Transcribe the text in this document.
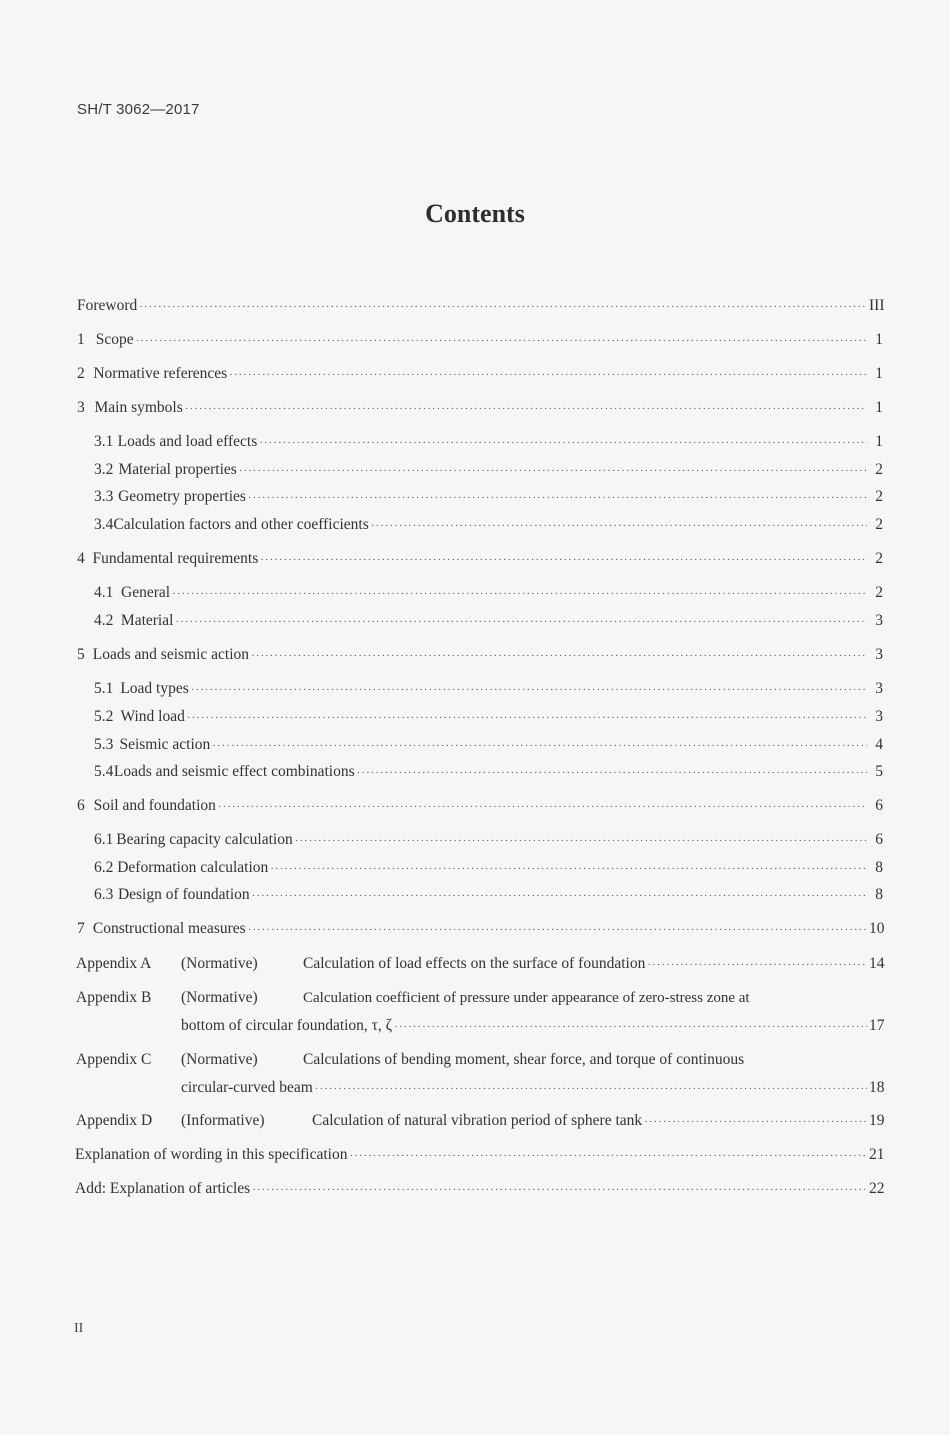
SH/T 3062—2017
Contents
Foreword ·····	III
1 Scope ·····	1
2 Normative references ·····	1
3 Main symbols ·····	1
3.1 Loads and load effects ·····	1
3.2 Material properties ·····	2
3.3 Geometry properties ·····	2
3.4 Calculation factors and other coefficients ·····	2
4 Fundamental requirements ·····	2
4.1 General ·····	2
4.2 Material ·····	3
5 Loads and seismic action ·····	3
5.1 Load types ·····	3
5.2 Wind load ·····	3
5.3 Seismic action ·····	4
5.4 Loads and seismic effect combinations ·····	5
6 Soil and foundation ·····	6
6.1 Bearing capacity calculation ·····	6
6.2 Deformation calculation ·····	8
6.3 Design of foundation ·····	8
7 Constructional measures ·····	10
Appendix A (Normative)	Calculation of load effects on the surface of foundation ·····	14
Appendix B (Normative)	Calculation coefficient of pressure under appearance of zero-stress zone at
bottom of circular foundation, τ, ζ ·····	17
Appendix C (Normative)	Calculations of bending moment, shear force, and torque of continuous
circular-curved beam ·····	18
Appendix D (Informative)	Calculation of natural vibration period of sphere tank ·····	19
Explanation of wording in this specification ·····	21
Add: Explanation of articles ·····	22
II
